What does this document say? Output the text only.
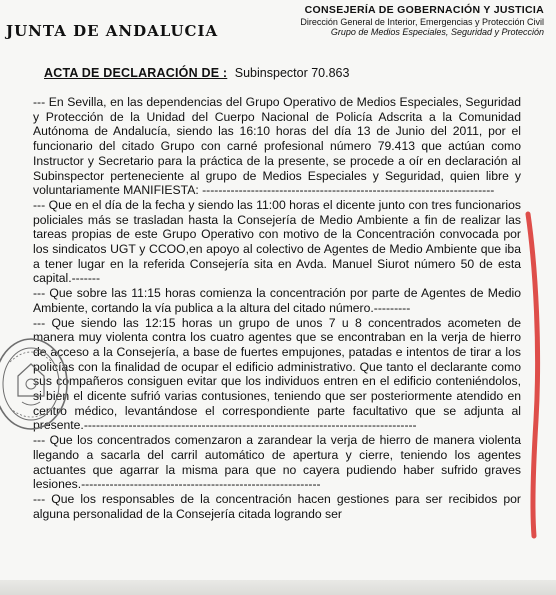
JUNTA DE ANDALUCIA
CONSEJERÍA DE GOBERNACIÓN Y JUSTICIA
Dirección General de Interior, Emergencias y Protección Civil
Grupo de Medios Especiales, Seguridad y Protección
ACTA DE DECLARACIÓN DE : Subinspector 70.863

--- En Sevilla, en las dependencias del Grupo Operativo de Medios Especiales, Seguridad y Protección de la Unidad del Cuerpo Nacional de Policía Adscrita a la Comunidad Autónoma de Andalucía, siendo las 16:10 horas del día 13 de Junio del 2011, por el funcionario del citado Grupo con carné profesional número 79.413 que actúan como Instructor y Secretario para la práctica de la presente, se procede a oír en declaración al Subinspector perteneciente al grupo de Medios Especiales y Seguridad, quien libre y voluntariamente MANIFIESTA: ------------------------------------------------------------------------

--- Que en el día de la fecha y siendo las 11:00 horas el dicente junto con tres funcionarios policiales más se trasladan hasta la Consejería de Medio Ambiente a fin de realizar las tareas propias de este Grupo Operativo con motivo de la Concentración convocada por los sindicatos UGT y CCOO,en apoyo al colectivo de Agentes de Medio Ambiente que iba a tener lugar en la referida Consejería sita en Avda. Manuel Siurot número 50 de esta capital.-------

--- Que sobre las 11:15 horas comienza la concentración por parte de Agentes de Medio Ambiente, cortando la vía publica a la altura del citado número.---------

--- Que siendo las 12:15 horas un grupo de unos 7 u 8 concentrados acometen de manera muy violenta contra los cuatro agentes que se encontraban en la verja de hierro de acceso a la Consejería, a base de fuertes empujones, patadas e intentos de tirar a los policías con la finalidad de ocupar el edificio administrativo. Que tanto el declarante como sus compañeros consiguen evitar que los individuos entren en el edificio conteniéndolos, si bien el dicente sufrió varias contusiones, teniendo que ser posteriormente atendido en centro médico, levantándose el correspondiente parte facultativo que se adjunta al presente.----------------------------------------------------------------------------------

--- Que los concentrados comenzaron a zarandear la verja de hierro de manera violenta llegando a sacarla del carril automático de apertura y cierre, teniendo los agentes actuantes que agarrar la misma para que no cayera pudiendo haber sufrido graves lesiones.-----------------------------------------------------------

--- Que los responsables de la concentración hacen gestiones para ser recibidos por alguna personalidad de la Consejería citada logrando ser
